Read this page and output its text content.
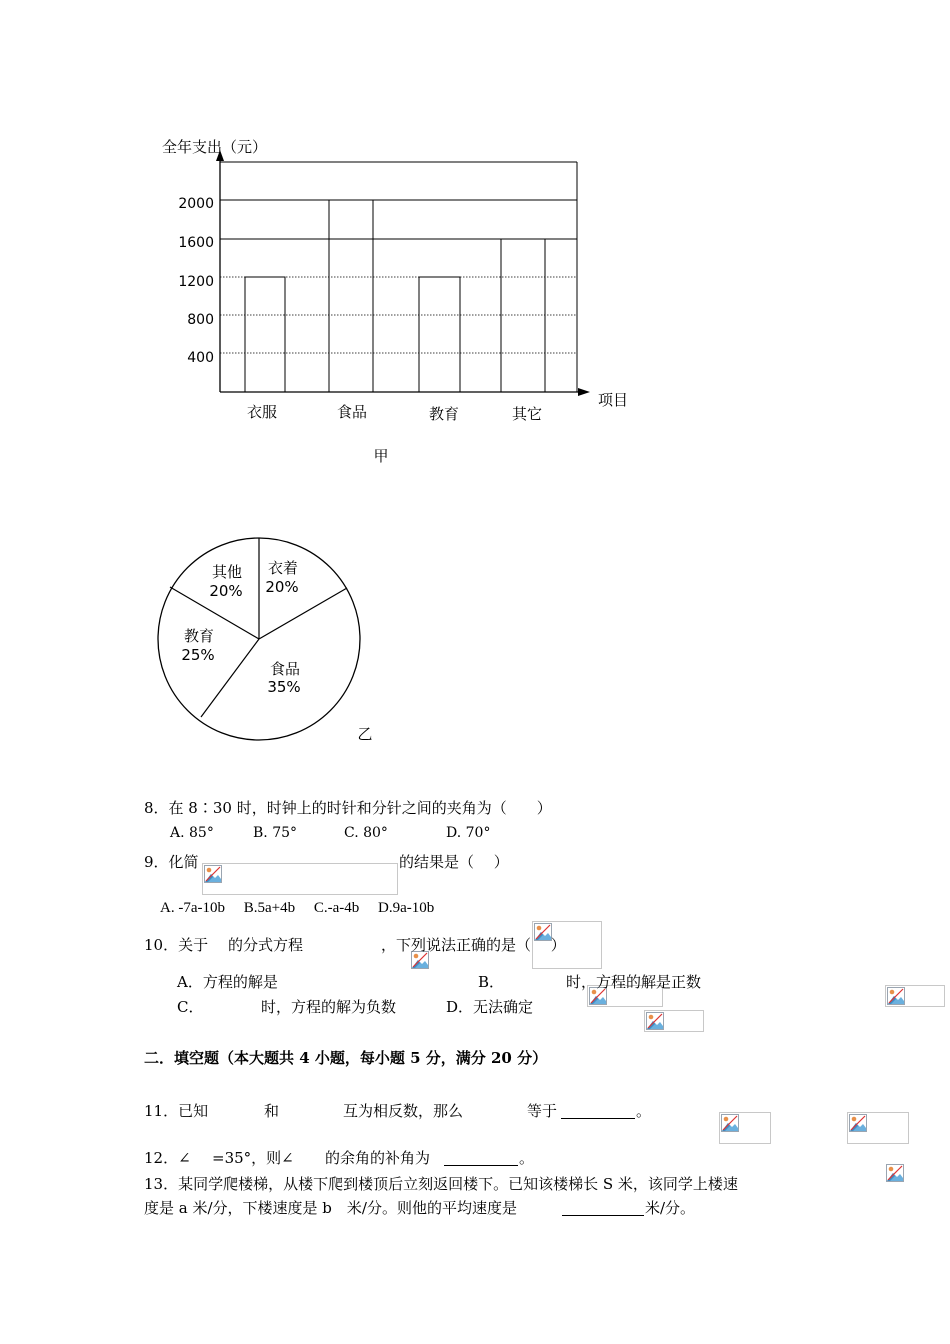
400
800
1200
1600
2000
全年支出（元）
项目
衣服	食品	教育	其它
甲
衣着
20%
食品
35%
教育
25%
其他
20%
乙
8．在 8∶30 时，时钟上的时针和分针之间的夹角为（　　）
A. 85°	B. 75°	C. 80°	D. 70°
9．化简
	的结果是（　 ）
A. -7a-10b　 B.5a+4b　 C.-a-4b　 D.9a-10b
10．关于
的分式方程
	，下列说法正确的是（　 ）
A．方程的解是
	B．
	时，方程的解是正数
C．
	时，方程的解为负数	D．无法确定
二．填空题（本大题共 4 小题，每小题 5 分，满分 20 分）
11．已知
	和
	互为相反数，那么
	等于	。
12．∠
=35°，则∠ 的余角的补角为	。
13．某同学爬楼梯，从楼下爬到楼顶后立刻返回楼下。已知该楼梯长 S 米，该同学上楼速
度是 a 米/分，下楼速度是 b　米/分。则他的平均速度是	米/分。
